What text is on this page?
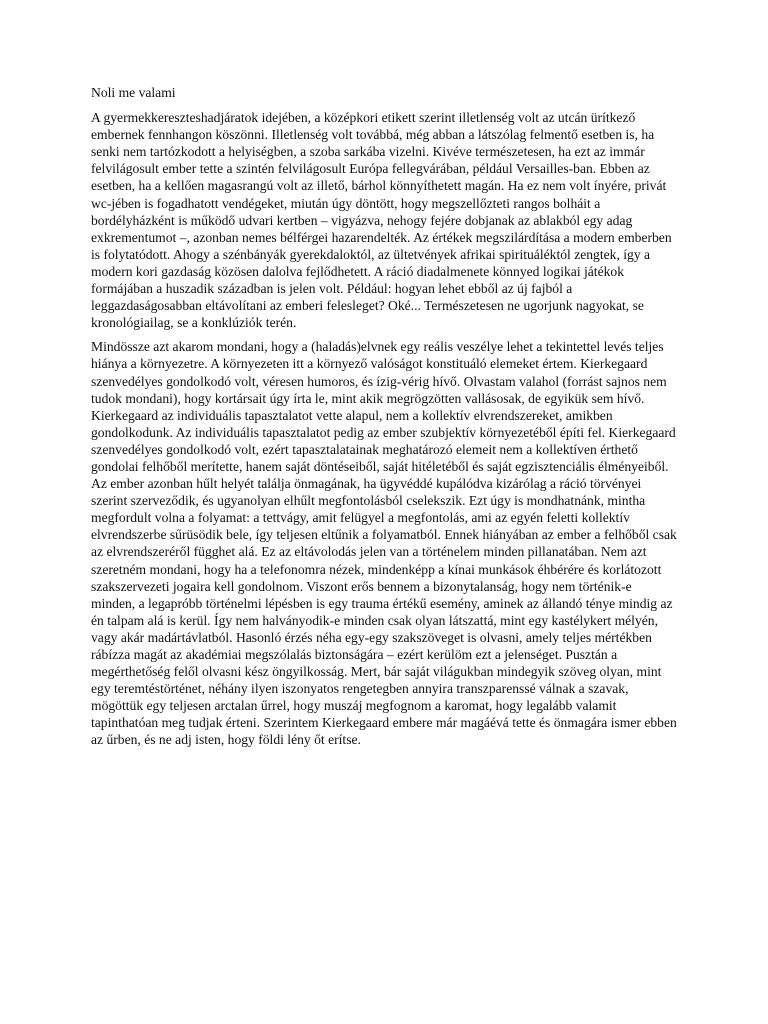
Noli me valami

A gyermekkereszteshadjáratok idejében, a középkori etikett szerint illetlenség volt az utcán ürítkező embernek fennhangon köszönni. Illetlenség volt továbbá, még abban a látszólag felmentő esetben is, ha senki nem tartózkodott a helyiségben, a szoba sarkába vizelni. Kivéve természetesen, ha ezt az immár felvilágosult ember tette a szintén felvilágosult Európa fellegvárában, például Versailles-ban. Ebben az esetben, ha a kellően magasrangú volt az illető, bárhol könnyíthetett magán. Ha ez nem volt ínyére, privát wc-jében is fogadhatott vendégeket, miután úgy döntött, hogy megszellőzteti rangos bolháit a bordélyházként is működő udvari kertben – vigyázva, nehogy fejére dobjanak az ablakból egy adag exkrementumot –, azonban nemes bélférgei hazarendelték. Az értékek megszilárdítása a modern emberben is folytatódott. Ahogy a szénbányák gyerekdaloktól, az ültetvények afrikai spirituáléktól zengtek, így a modern kori gazdaság közösen dalolva fejlődhetett. A ráció diadalmenete könnyed logikai játékok formájában a huszadik században is jelen volt. Például: hogyan lehet ebből az új fajból a leggazdaságosabban eltávolítani az emberi felesleget? Oké... Természetesen ne ugorjunk nagyokat, se kronológiailag, se a konklúziók terén.

Mindössze azt akarom mondani, hogy a (haladás)elvnek egy reális veszélye lehet a tekintettel levés teljes hiánya a környezetre. A környezeten itt a környező valóságot konstituáló elemeket értem. Kierkegaard szenvedélyes gondolkodó volt, véresen humoros, és ízig-vérig hívő. Olvastam valahol (forrást sajnos nem tudok mondani), hogy kortársait úgy írta le, mint akik megrögzötten vallásosak, de egyikük sem hívő. Kierkegaard az individuális tapasztalatot vette alapul, nem a kollektív elvrendszereket, amikben gondolkodunk. Az individuális tapasztalatot pedig az ember szubjektív környezetéből építi fel. Kierkegaard szenvedélyes gondolkodó volt, ezért tapasztalatainak meghatározó elemeit nem a kollektíven érthető gondolai felhőből merítette, hanem saját döntéseiből, saját hitéletéből és saját egzisztenciális élményeiből. Az ember azonban hűlt helyét találja önmagának, ha ügyvéddé kupálódva kizárólag a ráció törvényei szerint szerveződik, és ugyanolyan elhűlt megfontolásból cselekszik. Ezt úgy is mondhatnánk, mintha megfordult volna a folyamat: a tettvágy, amit felügyel a megfontolás, ami az egyén feletti kollektív elvrendszerbe sűrüsödik bele, így teljesen eltűnik a folyamatból. Ennek hiányában az ember a felhőből csak az elvrendszeréről függhet alá. Ez az eltávolodás jelen van a történelem minden pillanatában. Nem azt szeretném mondani, hogy ha a telefonomra nézek, mindenképp a kínai munkások éhbérére és korlátozott szakszervezeti jogaira kell gondolnom. Viszont erős bennem a bizonytalanság, hogy nem történik-e minden, a legapróbb történelmi lépésben is egy trauma értékű esemény, aminek az állandó ténye mindig az én talpam alá is kerül. Így nem halványodik-e minden csak olyan látszattá, mint egy kastélykert mélyén, vagy akár madártávlatból. Hasonló érzés néha egy-egy szakszöveget is olvasni, amely teljes mértékben rábízza magát az akadémiai megszólalás biztonságára – ezért kerülöm ezt a jelenséget. Pusztán a megérthetőség felől olvasni kész öngyilkosság. Mert, bár saját világukban mindegyik szöveg olyan, mint egy teremtéstörténet, néhány ilyen iszonyatos rengetegben annyira transzparenssé válnak a szavak, mögöttük egy teljesen arctalan űrrel, hogy muszáj megfognom a karomat, hogy legalább valamit tapinthatóan meg tudjak érteni. Szerintem Kierkegaard embere már magáévá tette és önmagára ismer ebben az űrben, és ne adj isten, hogy földi lény őt erítse.
